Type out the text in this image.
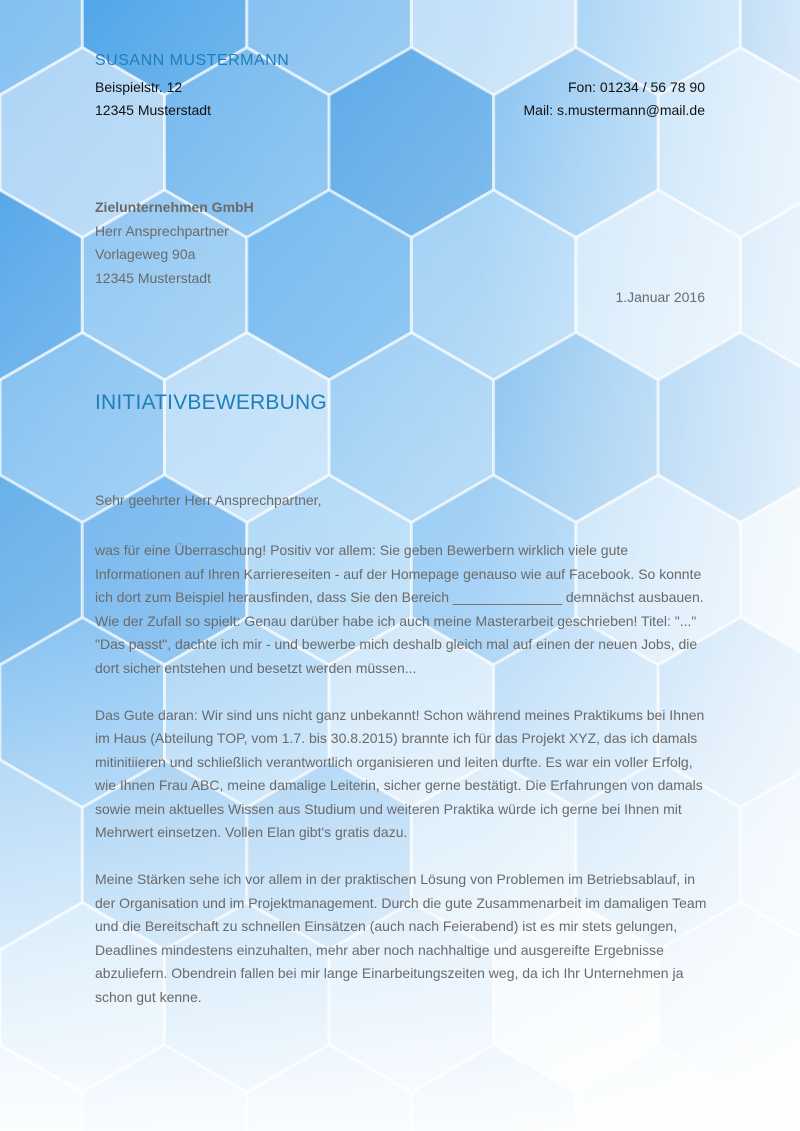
SUSANN MUSTERMANN
Beispielstr. 12
12345 Musterstadt
Fon: 01234 / 56 78 90
Mail: s.mustermann@mail.de
Zielunternehmen GmbH
Herr Ansprechpartner
Vorlageweg 90a
12345 Musterstadt
1.Januar 2016
INITIATIVBEWERBUNG
Sehr geehrter Herr Ansprechpartner,

was für eine Überraschung! Positiv vor allem: Sie geben Bewerbern wirklich viele gute Informationen auf Ihren Karriereseiten - auf der Homepage genauso wie auf Facebook. So konnte ich dort zum Beispiel herausfinden, dass Sie den Bereich ______________ demnächst ausbauen. Wie der Zufall so spielt: Genau darüber habe ich auch meine Masterarbeit geschrieben! Titel: "..." "Das passt", dachte ich mir - und bewerbe mich deshalb gleich mal auf einen der neuen Jobs, die dort sicher entstehen und besetzt werden müssen...

Das Gute daran: Wir sind uns nicht ganz unbekannt! Schon während meines Praktikums bei Ihnen im Haus (Abteilung TOP, vom 1.7. bis 30.8.2015) brannte ich für das Projekt XYZ, das ich damals mitinitiieren und schließlich verantwortlich organisieren und leiten durfte. Es war ein voller Erfolg, wie Ihnen Frau ABC, meine damalige Leiterin, sicher gerne bestätigt. Die Erfahrungen von damals sowie mein aktuelles Wissen aus Studium und weiteren Praktika würde ich gerne bei Ihnen mit Mehrwert einsetzen. Vollen Elan gibt's gratis dazu.

Meine Stärken sehe ich vor allem in der praktischen Lösung von Problemen im Betriebsablauf, in der Organisation und im Projektmanagement. Durch die gute Zusammenarbeit im damaligen Team und die Bereitschaft zu schnellen Einsätzen (auch nach Feierabend) ist es mir stets gelungen, Deadlines mindestens einzuhalten, mehr aber noch nachhaltige und ausgereifte Ergebnisse abzuliefern. Obendrein fallen bei mir lange Einarbeitungszeiten weg, da ich Ihr Unternehmen ja schon gut kenne.
